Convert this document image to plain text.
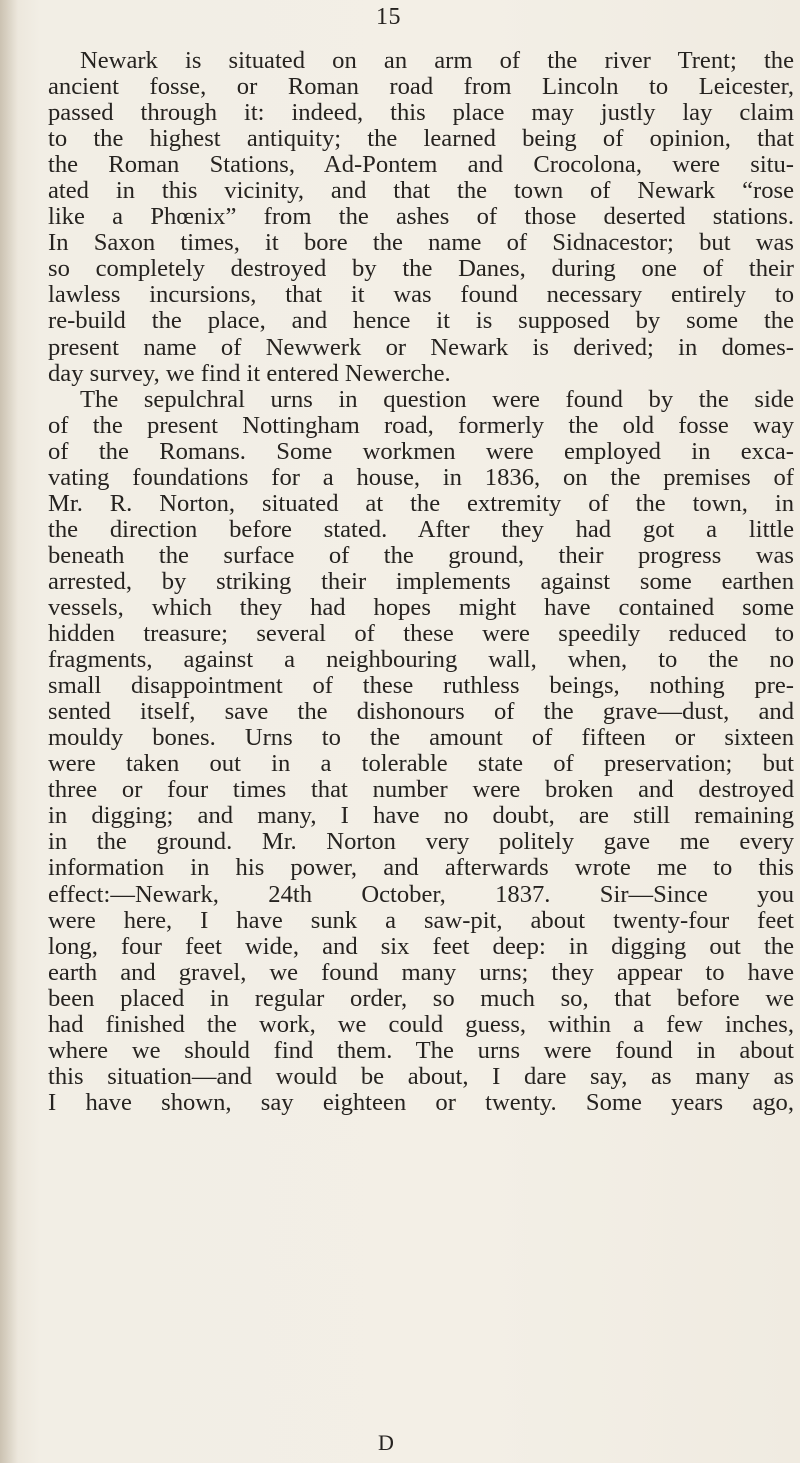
15
Newark is situated on an arm of the river Trent; the
ancient fosse, or Roman road from Lincoln to Leicester,
passed through it: indeed, this place may justly lay claim
to the highest antiquity; the learned being of opinion, that
the Roman Stations, Ad-Pontem and Crocolona, were situ-
ated in this vicinity, and that the town of Newark “rose
like a Phœnix” from the ashes of those deserted stations.
In Saxon times, it bore the name of Sidnacestor; but was
so completely destroyed by the Danes, during one of their
lawless incursions, that it was found necessary entirely to
re-build the place, and hence it is supposed by some the
present name of Newwerk or Newark is derived; in domes-
day survey, we find it entered Newerche.
The sepulchral urns in question were found by the side
of the present Nottingham road, formerly the old fosse way
of the Romans. Some workmen were employed in exca-
vating foundations for a house, in 1836, on the premises of
Mr. R. Norton, situated at the extremity of the town, in
the direction before stated. After they had got a little
beneath the surface of the ground, their progress was
arrested, by striking their implements against some earthen
vessels, which they had hopes might have contained some
hidden treasure; several of these were speedily reduced to
fragments, against a neighbouring wall, when, to the no
small disappointment of these ruthless beings, nothing pre-
sented itself, save the dishonours of the grave—dust, and
mouldy bones. Urns to the amount of fifteen or sixteen
were taken out in a tolerable state of preservation; but
three or four times that number were broken and destroyed
in digging; and many, I have no doubt, are still remaining
in the ground. Mr. Norton very politely gave me every
information in his power, and afterwards wrote me to this
effect:—Newark, 24th October, 1837. Sir—Since you
were here, I have sunk a saw-pit, about twenty-four feet
long, four feet wide, and six feet deep: in digging out the
earth and gravel, we found many urns; they appear to have
been placed in regular order, so much so, that before we
had finished the work, we could guess, within a few inches,
where we should find them. The urns were found in about
this situation—and would be about, I dare say, as many as
I have shown, say eighteen or twenty. Some years ago,
D
